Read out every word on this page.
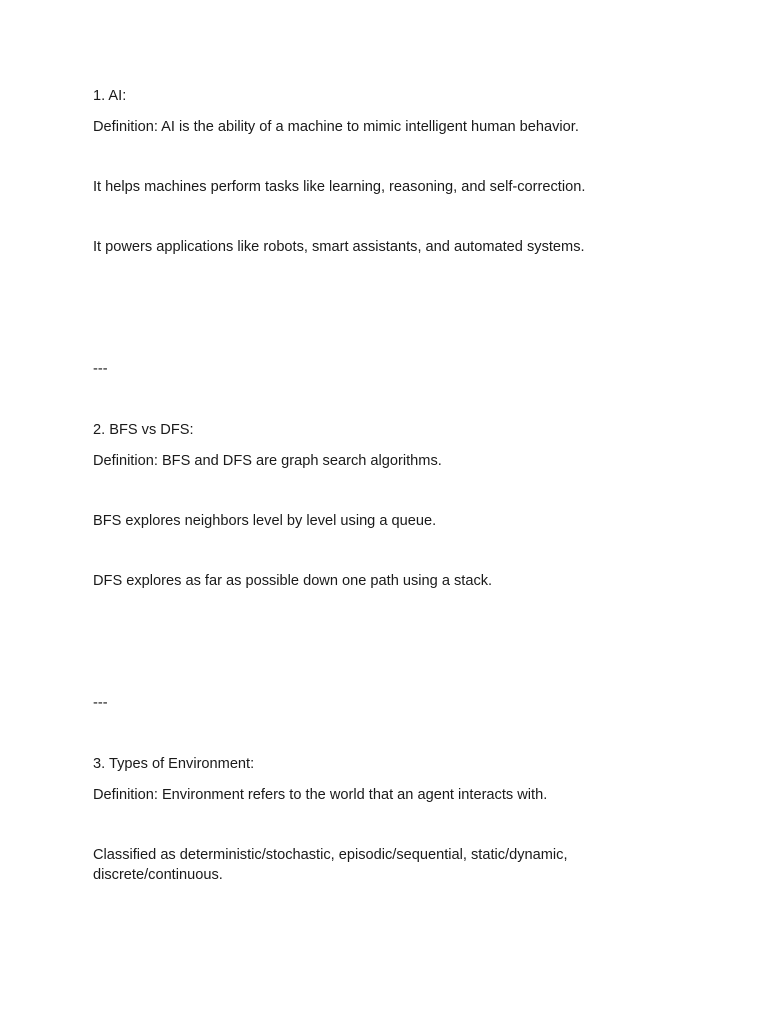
1. AI:

Definition: AI is the ability of a machine to mimic intelligent human behavior.

It helps machines perform tasks like learning, reasoning, and self-correction.

It powers applications like robots, smart assistants, and automated systems.

---

2. BFS vs DFS:

Definition: BFS and DFS are graph search algorithms.

BFS explores neighbors level by level using a queue.

DFS explores as far as possible down one path using a stack.

---

3. Types of Environment:

Definition: Environment refers to the world that an agent interacts with.

Classified as deterministic/stochastic, episodic/sequential, static/dynamic, discrete/continuous.
